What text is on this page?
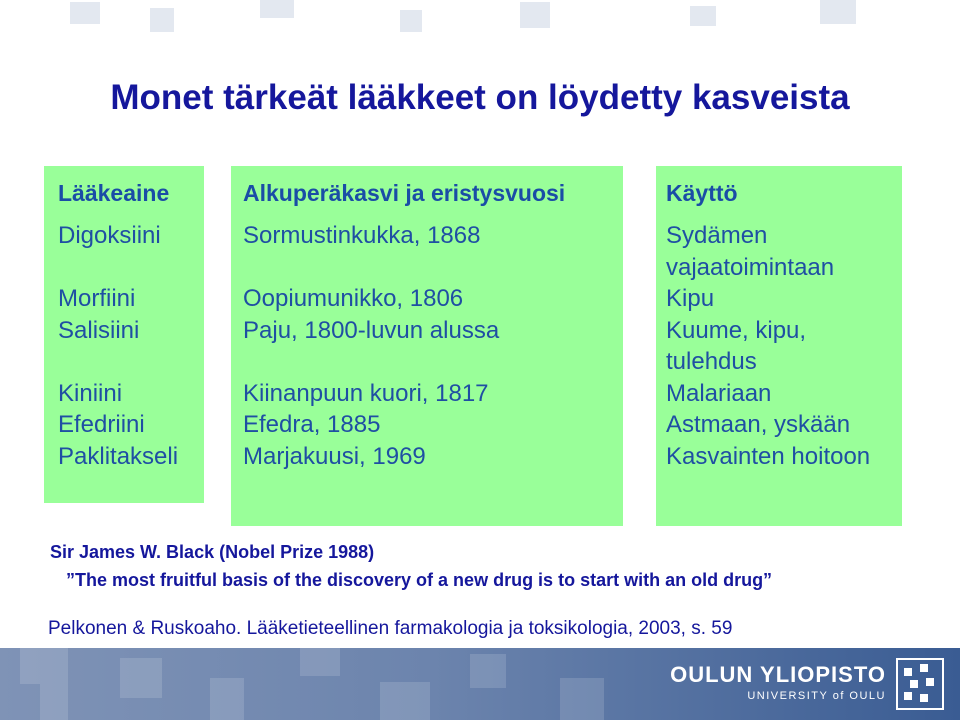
Monet tärkeät lääkkeet on löydetty kasveista
Lääkeaine
Digoksiini
Morfiini
Salisiini
Kiniini
Efedriini
Paklitakseli
Alkuperäkasvi ja eristysvuosi
Sormustinkukka, 1868
Oopiumunikko, 1806
Paju, 1800-luvun alussa
Kiinanpuun kuori, 1817
Efedra, 1885
Marjakuusi, 1969
Käyttö
Sydämen
vajaatoimintaan
Kipu
Kuume, kipu,
tulehdus
Malariaan
Astmaan, yskään
Kasvainten hoitoon
Sir James W. Black (Nobel Prize 1988)
”The most fruitful basis of the discovery of a new drug is to start with an old drug”
Pelkonen & Ruskoaho. Lääketieteellinen farmakologia ja toksikologia, 2003, s. 59
OULUN YLIOPISTO
UNIVERSITY of OULU
